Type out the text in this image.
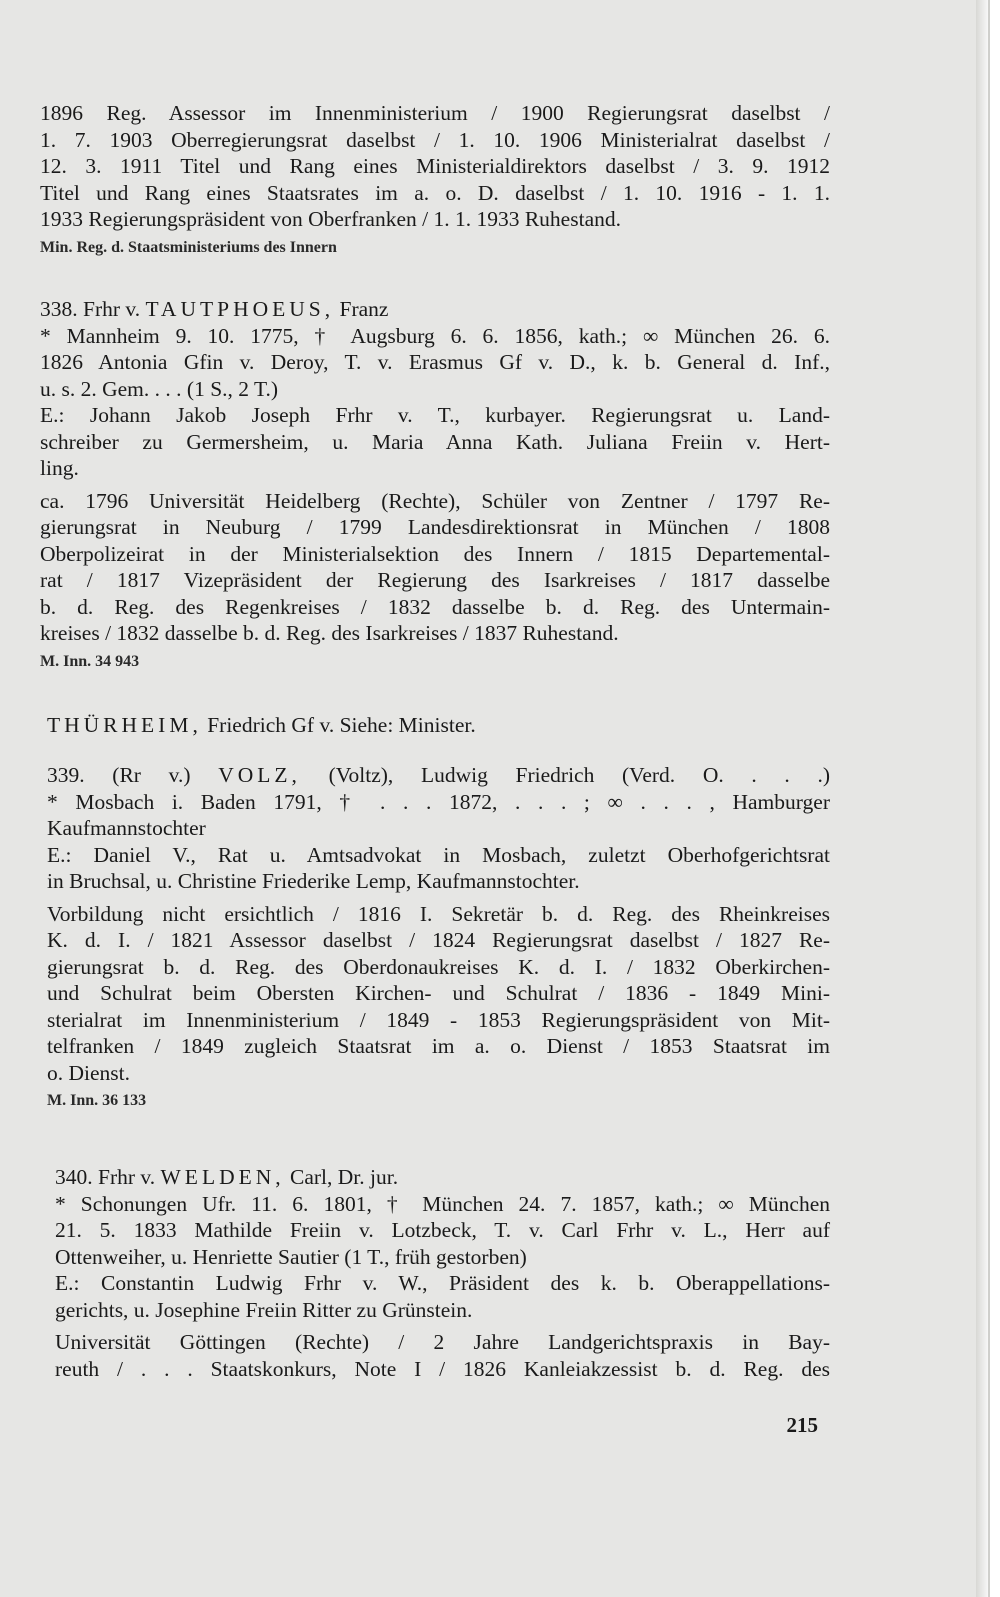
1896 Reg. Assessor im Innenministerium / 1900 Regierungsrat daselbst /
1. 7. 1903 Oberregierungsrat daselbst / 1. 10. 1906 Ministerialrat daselbst /
12. 3. 1911 Titel und Rang eines Ministerialdirektors daselbst / 3. 9. 1912
Titel und Rang eines Staatsrates im a. o. D. daselbst / 1. 10. 1916 - 1. 1.
1933 Regierungspräsident von Oberfranken / 1. 1. 1933 Ruhestand.
Min. Reg. d. Staatsministeriums des Innern
338. Frhr v. TAUTPHOEUS, Franz
* Mannheim 9. 10. 1775, † Augsburg 6. 6. 1856, kath.; ∞ München 26. 6.
1826 Antonia Gfin v. Deroy, T. v. Erasmus Gf v. D., k. b. General d. Inf.,
u. s. 2. Gem. . . . (1 S., 2 T.)
E.: Johann Jakob Joseph Frhr v. T., kurbayer. Regierungsrat u. Land-
schreiber zu Germersheim, u. Maria Anna Kath. Juliana Freiin v. Hert-
ling.
ca. 1796 Universität Heidelberg (Rechte), Schüler von Zentner / 1797 Re-
gierungsrat in Neuburg / 1799 Landesdirektionsrat in München / 1808
Oberpolizeirat in der Ministerialsektion des Innern / 1815 Departemental-
rat / 1817 Vizepräsident der Regierung des Isarkreises / 1817 dasselbe
b. d. Reg. des Regenkreises / 1832 dasselbe b. d. Reg. des Untermain-
kreises / 1832 dasselbe b. d. Reg. des Isarkreises / 1837 Ruhestand.
M. Inn. 34 943
THÜRHEIM, Friedrich Gf v. Siehe: Minister.
339. (Rr v.) VOLZ, (Voltz), Ludwig Friedrich (Verd. O. . . .)
* Mosbach i. Baden 1791, † . . . 1872, . . . ; ∞ . . . , Hamburger
Kaufmannstochter
E.: Daniel V., Rat u. Amtsadvokat in Mosbach, zuletzt Oberhofgerichtsrat
in Bruchsal, u. Christine Friederike Lemp, Kaufmannstochter.
Vorbildung nicht ersichtlich / 1816 I. Sekretär b. d. Reg. des Rheinkreises
K. d. I. / 1821 Assessor daselbst / 1824 Regierungsrat daselbst / 1827 Re-
gierungsrat b. d. Reg. des Oberdonaukreises K. d. I. / 1832 Oberkirchen-
und Schulrat beim Obersten Kirchen- und Schulrat / 1836 - 1849 Mini-
sterialrat im Innenministerium / 1849 - 1853 Regierungspräsident von Mit-
telfranken / 1849 zugleich Staatsrat im a. o. Dienst / 1853 Staatsrat im
o. Dienst.
M. Inn. 36 133
340. Frhr v. WELDEN, Carl, Dr. jur.
* Schonungen Ufr. 11. 6. 1801, † München 24. 7. 1857, kath.; ∞ München
21. 5. 1833 Mathilde Freiin v. Lotzbeck, T. v. Carl Frhr v. L., Herr auf
Ottenweiher, u. Henriette Sautier (1 T., früh gestorben)
E.: Constantin Ludwig Frhr v. W., Präsident des k. b. Oberappellations-
gerichts, u. Josephine Freiin Ritter zu Grünstein.
Universität Göttingen (Rechte) / 2 Jahre Landgerichtspraxis in Bay-
reuth / . . . Staatskonkurs, Note I / 1826 Kanleiakzessist b. d. Reg. des
215
